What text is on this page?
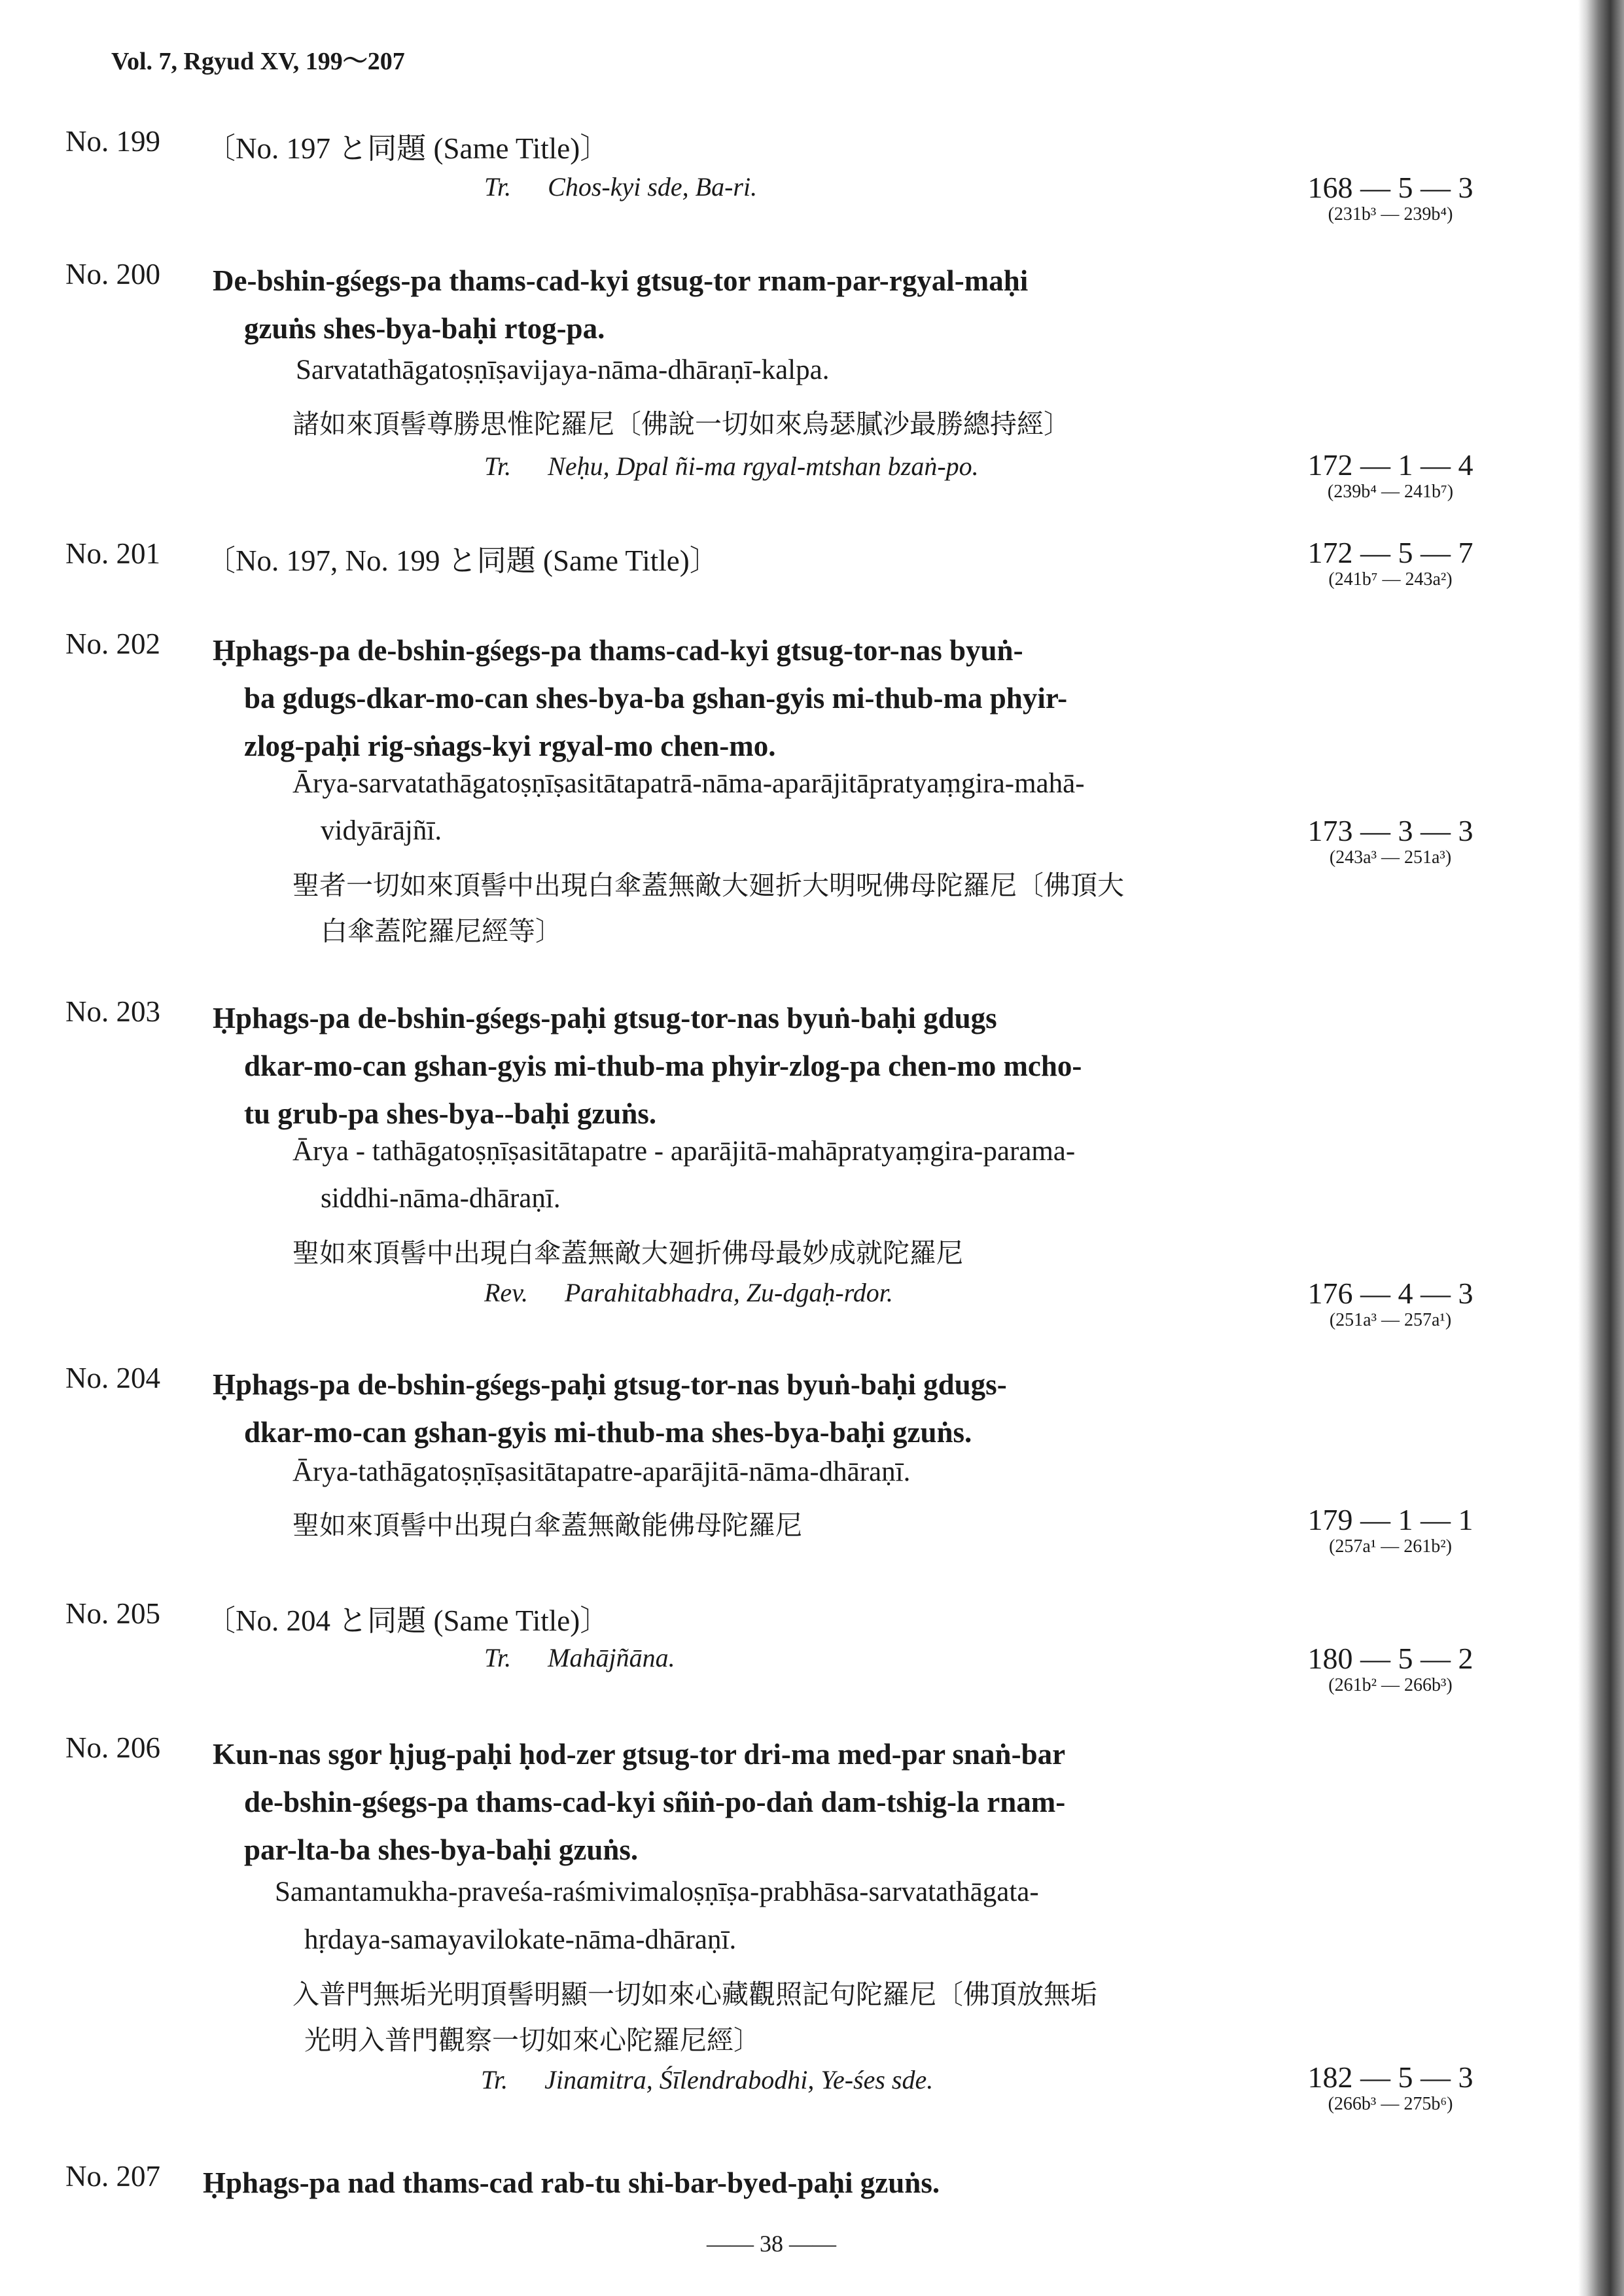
Vol. 7, Rgyud XV, 199〜207
No. 199 〔No. 197 と同題 (Same Title)〕
Tr. Chos-kyi sde, Ba-ri.	168 — 5 — 3
(231b³ — 239b⁴)
No. 200 De-bshin-gśegs-pa thams-cad-kyi gtsug-tor rnam-par-rgyal-maḥi
gzuṅs shes-bya-baḥi rtog-pa.
Sarvatathāgatoṣṇīṣavijaya-nāma-dhāraṇī-kalpa.
諸如來頂髻尊勝思惟陀羅尼〔佛說一切如來烏瑟膩沙最勝總持經〕
Tr. Neḥu, Dpal ñi-ma rgyal-mtshan bzaṅ-po.	172 — 1 — 4
(239b⁴ — 241b⁷)
No. 201 〔No. 197, No. 199 と同題 (Same Title)〕	172 — 5 — 7
(241b⁷ — 243a²)
No. 202 Ḥphags-pa de-bshin-gśegs-pa thams-cad-kyi gtsug-tor-nas byuṅ-
ba gdugs-dkar-mo-can shes-bya-ba gshan-gyis mi-thub-ma phyir-
zlog-paḥi rig-sṅags-kyi rgyal-mo chen-mo.
Ārya-sarvatathāgatoṣṇīṣasitātapatrā-nāma-aparājitāpratyaṃgira-mahā-
vidyārājñī.
聖者一切如來頂髻中出現白傘蓋無敵大廻折大明呪佛母陀羅尼〔佛頂大
白傘蓋陀羅尼經等〕
173 — 3 — 3
(243a³ — 251a³)
No. 203 Ḥphags-pa de-bshin-gśegs-paḥi gtsug-tor-nas byuṅ-baḥi gdugs
dkar-mo-can gshan-gyis mi-thub-ma phyir-zlog-pa chen-mo mcho-
tu grub-pa shes-bya--baḥi gzuṅs.
Ārya - tathāgatoṣṇīṣasitātapatre - aparājitā-mahāpratyaṃgira-parama-
siddhi-nāma-dhāraṇī.
聖如來頂髻中出現白傘蓋無敵大廻折佛母最妙成就陀羅尼
Rev. Parahitabhadra, Zu-dgaḥ-rdor.	176 — 4 — 3
(251a³ — 257a¹)
No. 204 Ḥphags-pa de-bshin-gśegs-paḥi gtsug-tor-nas byuṅ-baḥi gdugs-
dkar-mo-can gshan-gyis mi-thub-ma shes-bya-baḥi gzuṅs.
Ārya-tathāgatoṣṇīṣasitātapatre-aparājitā-nāma-dhāraṇī.
聖如來頂髻中出現白傘蓋無敵能佛母陀羅尼	179 — 1 — 1
(257a¹ — 261b²)
No. 205 〔No. 204 と同題 (Same Title)〕
Tr. Mahājñāna.	180 — 5 — 2
(261b² — 266b³)
No. 206 Kun-nas sgor ḥjug-paḥi ḥod-zer gtsug-tor dri-ma med-par snaṅ-bar
de-bshin-gśegs-pa thams-cad-kyi sñiṅ-po-daṅ dam-tshig-la rnam-
par-lta-ba shes-bya-baḥi gzuṅs.
Samantamukha-praveśa-raśmivimaloṣṇīṣa-prabhāsa-sarvatathāgata-
hṛdaya-samayavilokate-nāma-dhāraṇī.
入普門無垢光明頂髻明顯一切如來心藏觀照記句陀羅尼〔佛頂放無垢
光明入普門觀察一切如來心陀羅尼經〕
Tr. Jinamitra, Śīlendrabodhi, Ye-śes sde.	182 — 5 — 3
(266b³ — 275b⁶)
No. 207 Ḥphags-pa nad thams-cad rab-tu shi-bar-byed-paḥi gzuṅs.
—— 38 ——
